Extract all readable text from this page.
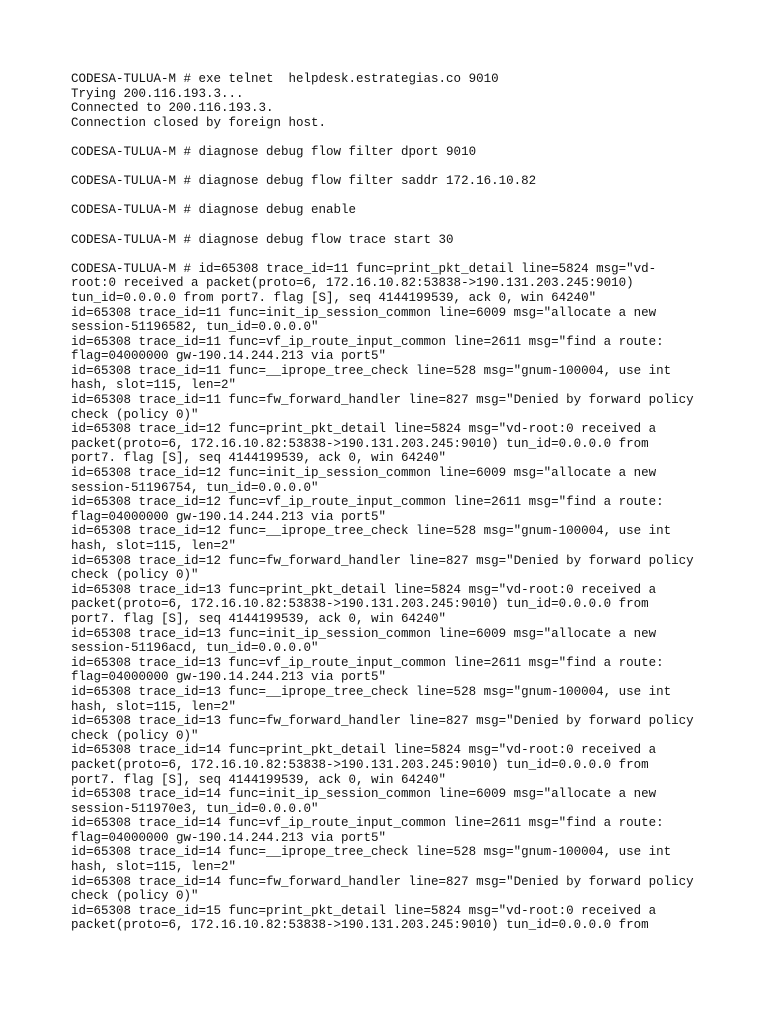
CODESA-TULUA-M # exe telnet  helpdesk.estrategias.co 9010
Trying 200.116.193.3...
Connected to 200.116.193.3.
Connection closed by foreign host.
CODESA-TULUA-M # diagnose debug flow filter dport 9010
CODESA-TULUA-M # diagnose debug flow filter saddr 172.16.10.82
CODESA-TULUA-M # diagnose debug enable
CODESA-TULUA-M # diagnose debug flow trace start 30
CODESA-TULUA-M # id=65308 trace_id=11 func=print_pkt_detail line=5824 msg="vd-
root:0 received a packet(proto=6, 172.16.10.82:53838->190.131.203.245:9010)
tun_id=0.0.0.0 from port7. flag [S], seq 4144199539, ack 0, win 64240"
id=65308 trace_id=11 func=init_ip_session_common line=6009 msg="allocate a new
session-51196582, tun_id=0.0.0.0"
id=65308 trace_id=11 func=vf_ip_route_input_common line=2611 msg="find a route:
flag=04000000 gw-190.14.244.213 via port5"
id=65308 trace_id=11 func=__iprope_tree_check line=528 msg="gnum-100004, use int
hash, slot=115, len=2"
id=65308 trace_id=11 func=fw_forward_handler line=827 msg="Denied by forward policy
check (policy 0)"
id=65308 trace_id=12 func=print_pkt_detail line=5824 msg="vd-root:0 received a
packet(proto=6, 172.16.10.82:53838->190.131.203.245:9010) tun_id=0.0.0.0 from
port7. flag [S], seq 4144199539, ack 0, win 64240"
id=65308 trace_id=12 func=init_ip_session_common line=6009 msg="allocate a new
session-51196754, tun_id=0.0.0.0"
id=65308 trace_id=12 func=vf_ip_route_input_common line=2611 msg="find a route:
flag=04000000 gw-190.14.244.213 via port5"
id=65308 trace_id=12 func=__iprope_tree_check line=528 msg="gnum-100004, use int
hash, slot=115, len=2"
id=65308 trace_id=12 func=fw_forward_handler line=827 msg="Denied by forward policy
check (policy 0)"
id=65308 trace_id=13 func=print_pkt_detail line=5824 msg="vd-root:0 received a
packet(proto=6, 172.16.10.82:53838->190.131.203.245:9010) tun_id=0.0.0.0 from
port7. flag [S], seq 4144199539, ack 0, win 64240"
id=65308 trace_id=13 func=init_ip_session_common line=6009 msg="allocate a new
session-51196acd, tun_id=0.0.0.0"
id=65308 trace_id=13 func=vf_ip_route_input_common line=2611 msg="find a route:
flag=04000000 gw-190.14.244.213 via port5"
id=65308 trace_id=13 func=__iprope_tree_check line=528 msg="gnum-100004, use int
hash, slot=115, len=2"
id=65308 trace_id=13 func=fw_forward_handler line=827 msg="Denied by forward policy
check (policy 0)"
id=65308 trace_id=14 func=print_pkt_detail line=5824 msg="vd-root:0 received a
packet(proto=6, 172.16.10.82:53838->190.131.203.245:9010) tun_id=0.0.0.0 from
port7. flag [S], seq 4144199539, ack 0, win 64240"
id=65308 trace_id=14 func=init_ip_session_common line=6009 msg="allocate a new
session-511970e3, tun_id=0.0.0.0"
id=65308 trace_id=14 func=vf_ip_route_input_common line=2611 msg="find a route:
flag=04000000 gw-190.14.244.213 via port5"
id=65308 trace_id=14 func=__iprope_tree_check line=528 msg="gnum-100004, use int
hash, slot=115, len=2"
id=65308 trace_id=14 func=fw_forward_handler line=827 msg="Denied by forward policy
check (policy 0)"
id=65308 trace_id=15 func=print_pkt_detail line=5824 msg="vd-root:0 received a
packet(proto=6, 172.16.10.82:53838->190.131.203.245:9010) tun_id=0.0.0.0 from
